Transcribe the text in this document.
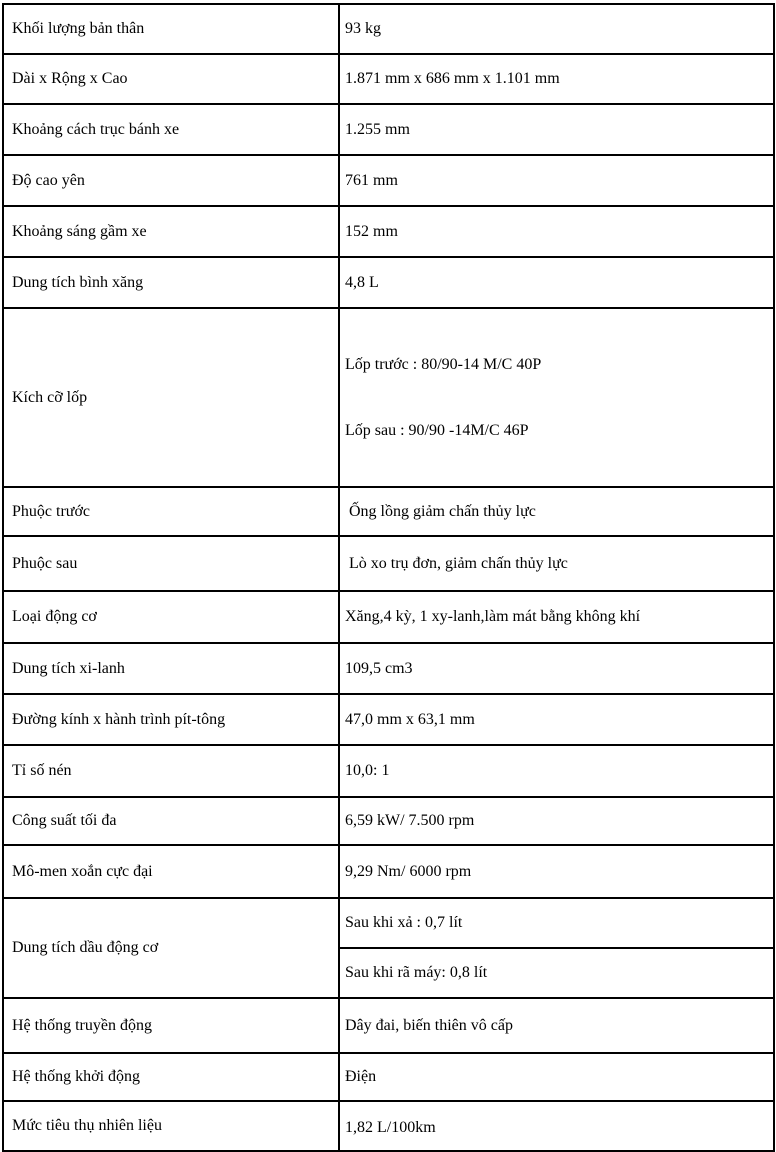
Khối lượng bản thân	93 kg
Dài x Rộng x Cao	1.871 mm x 686 mm x 1.101 mm
Khoảng cách trục bánh xe	1.255 mm
Độ cao yên	761 mm
Khoảng sáng gầm xe	152 mm
Dung tích bình xăng	4,8 L
Kích cỡ lốp	Lốp trước : 80/90-14 M/C 40P

Lốp sau : 90/90 -14M/C 46P

Phuộc trước	Ống lồng giảm chấn thủy lực
Phuộc sau	Lò xo trụ đơn, giảm chấn thủy lực
Loại động cơ	Xăng,4 kỳ, 1 xy-lanh,làm mát bằng không khí
Dung tích xi-lanh	109,5 cm3
Đường kính x hành trình pít-tông	47,0 mm x 63,1 mm
Tỉ số nén	10,0: 1
Công suất tối đa	6,59 kW/ 7.500 rpm
Mô-men xoắn cực đại	9,29 Nm/ 6000 rpm
Dung tích dầu động cơ	Sau khi xả : 0,7 lít
	Sau khi rã máy: 0,8 lít
Hệ thống truyền động	Dây đai, biến thiên vô cấp
Hệ thống khởi động	Điện
Mức tiêu thụ nhiên liệu	1,82 L/100km
